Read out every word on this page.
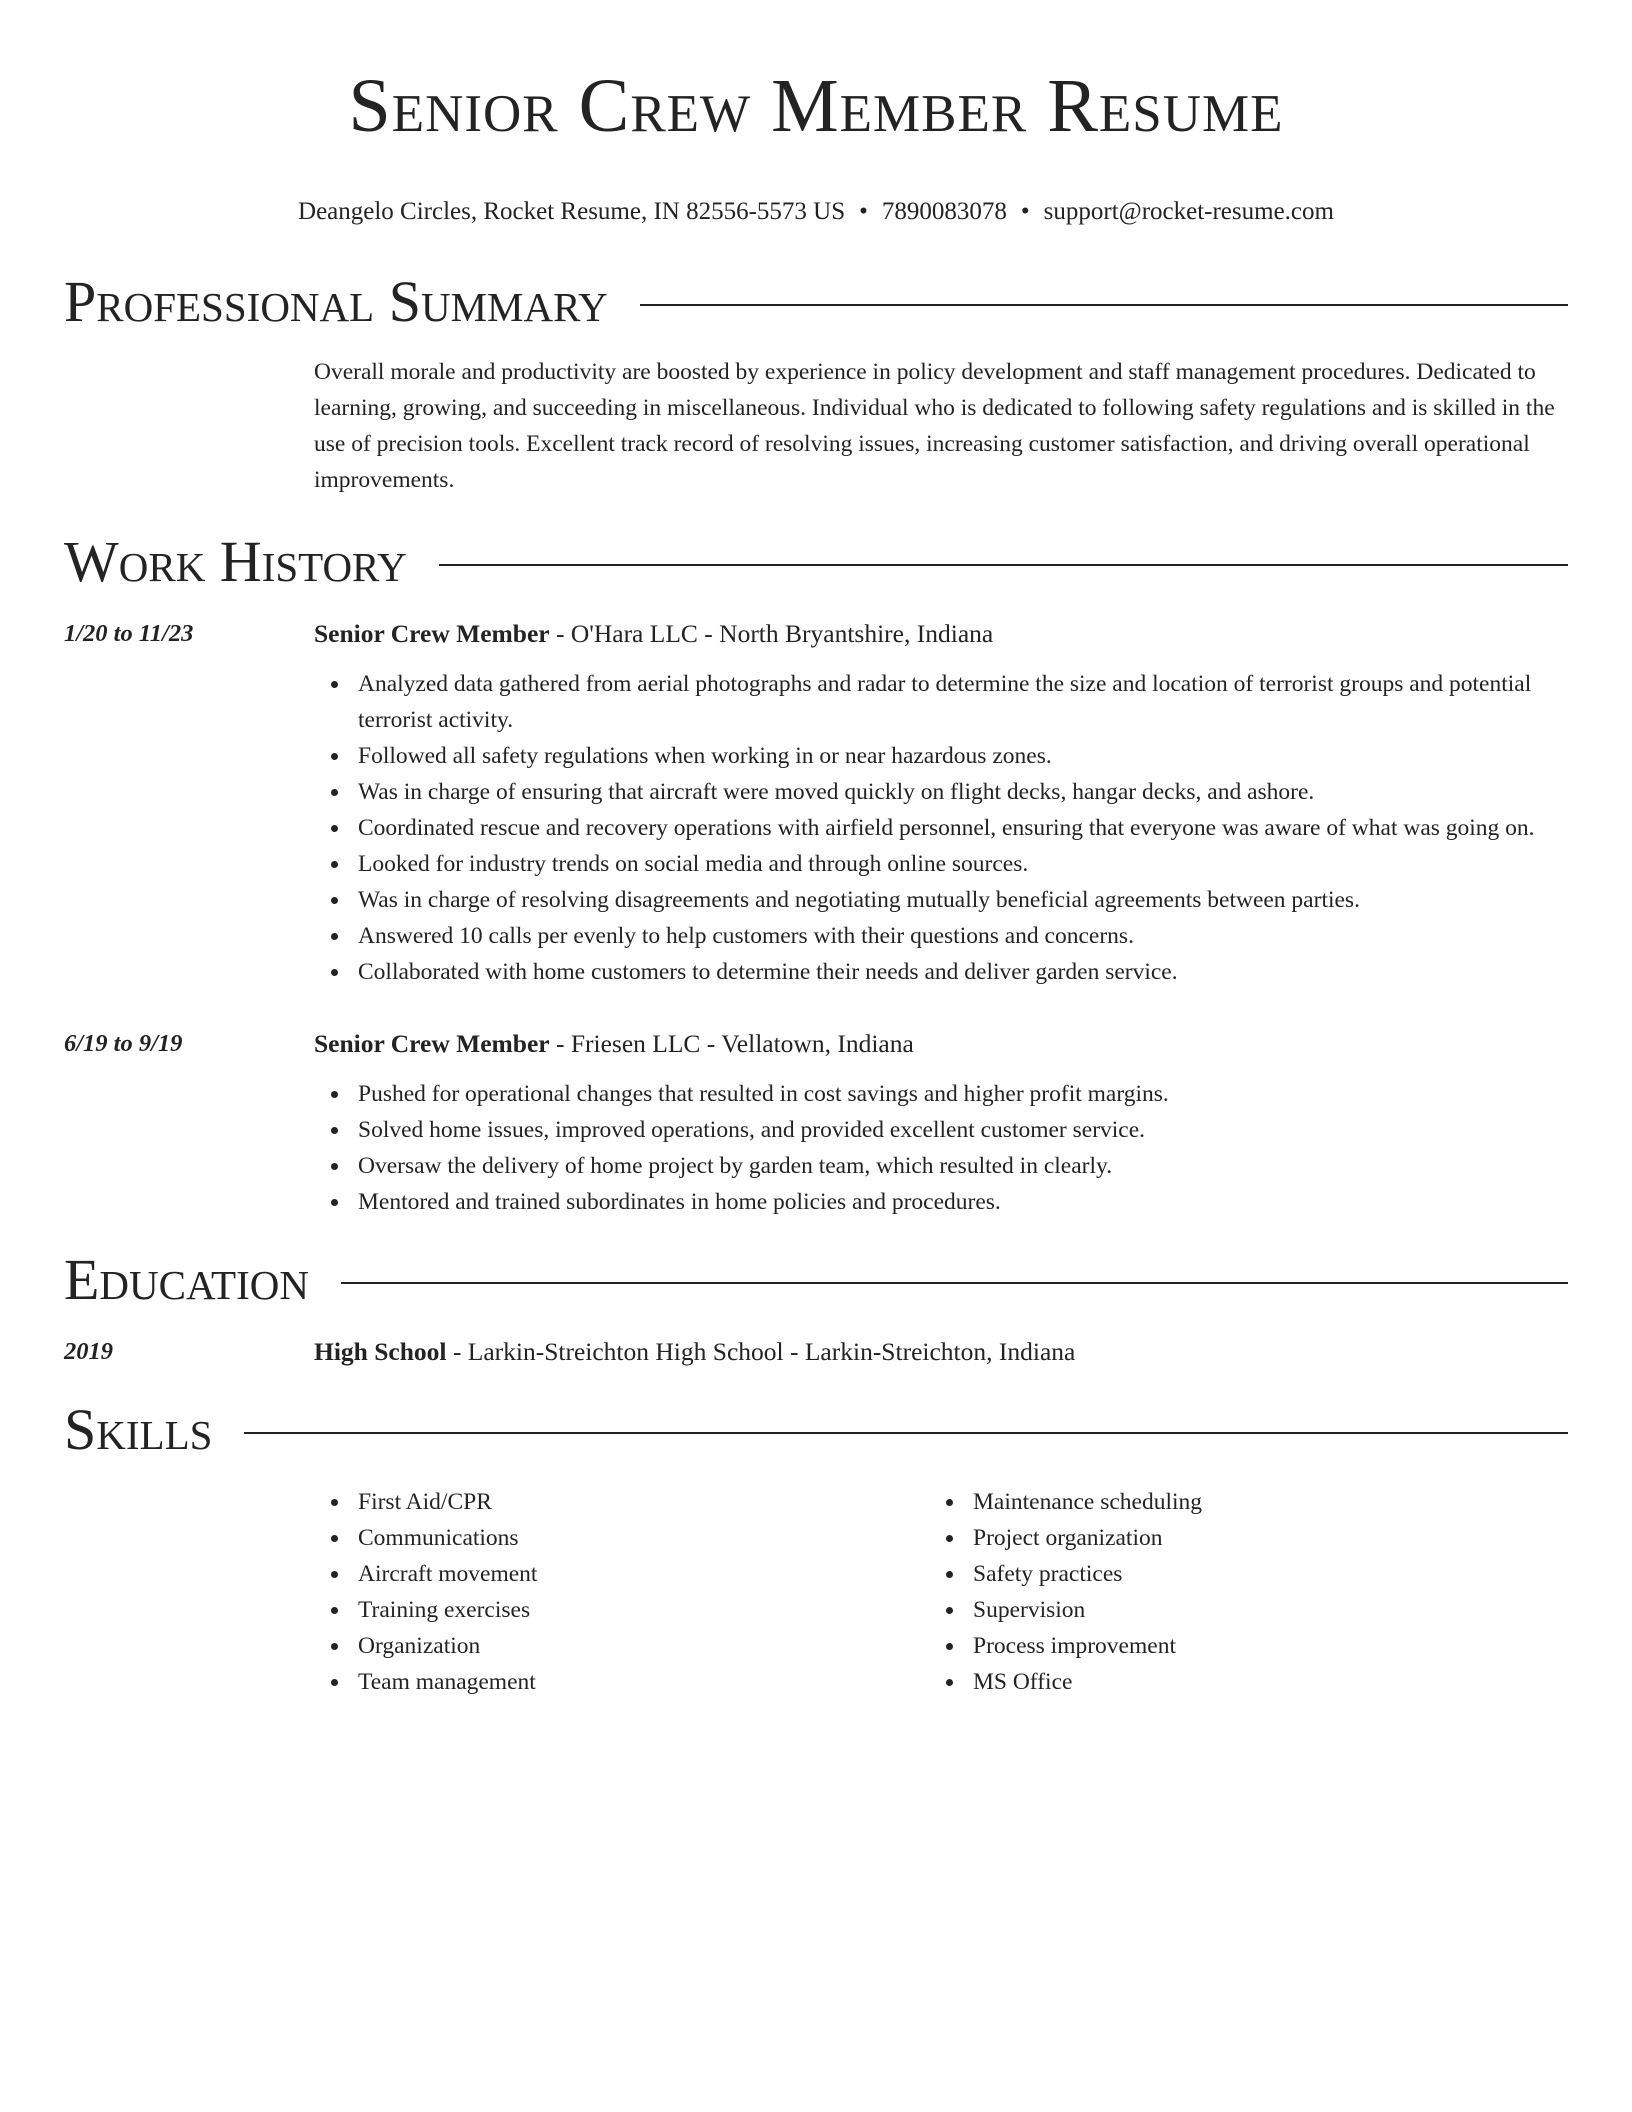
Senior Crew Member Resume
Deangelo Circles, Rocket Resume, IN 82556-5573 US • 7890083078 • support@rocket-resume.com
Professional Summary

Overall morale and productivity are boosted by experience in policy development and staff management procedures. Dedicated to learning, growing, and succeeding in miscellaneous. Individual who is dedicated to following safety regulations and is skilled in the use of precision tools. Excellent track record of resolving issues, increasing customer satisfaction, and driving overall operational improvements.

Work History
1/20 to 11/23	Senior Crew Member - O'Hara LLC - North Bryantshire, Indiana
Analyzed data gathered from aerial photographs and radar to determine the size and location of terrorist groups and potential terrorist activity.
Followed all safety regulations when working in or near hazardous zones.
Was in charge of ensuring that aircraft were moved quickly on flight decks, hangar decks, and ashore.
Coordinated rescue and recovery operations with airfield personnel, ensuring that everyone was aware of what was going on.
Looked for industry trends on social media and through online sources.
Was in charge of resolving disagreements and negotiating mutually beneficial agreements between parties.
Answered 10 calls per evenly to help customers with their questions and concerns.
Collaborated with home customers to determine their needs and deliver garden service.
6/19 to 9/19	Senior Crew Member - Friesen LLC - Vellatown, Indiana
Pushed for operational changes that resulted in cost savings and higher profit margins.
Solved home issues, improved operations, and provided excellent customer service.
Oversaw the delivery of home project by garden team, which resulted in clearly.
Mentored and trained subordinates in home policies and procedures.
Education
2019	High School - Larkin-Streichton High School - Larkin-Streichton, Indiana
Skills
First Aid/CPR
Communications
Aircraft movement
Training exercises
Organization
Team management
Maintenance scheduling
Project organization
Safety practices
Supervision
Process improvement
MS Office
